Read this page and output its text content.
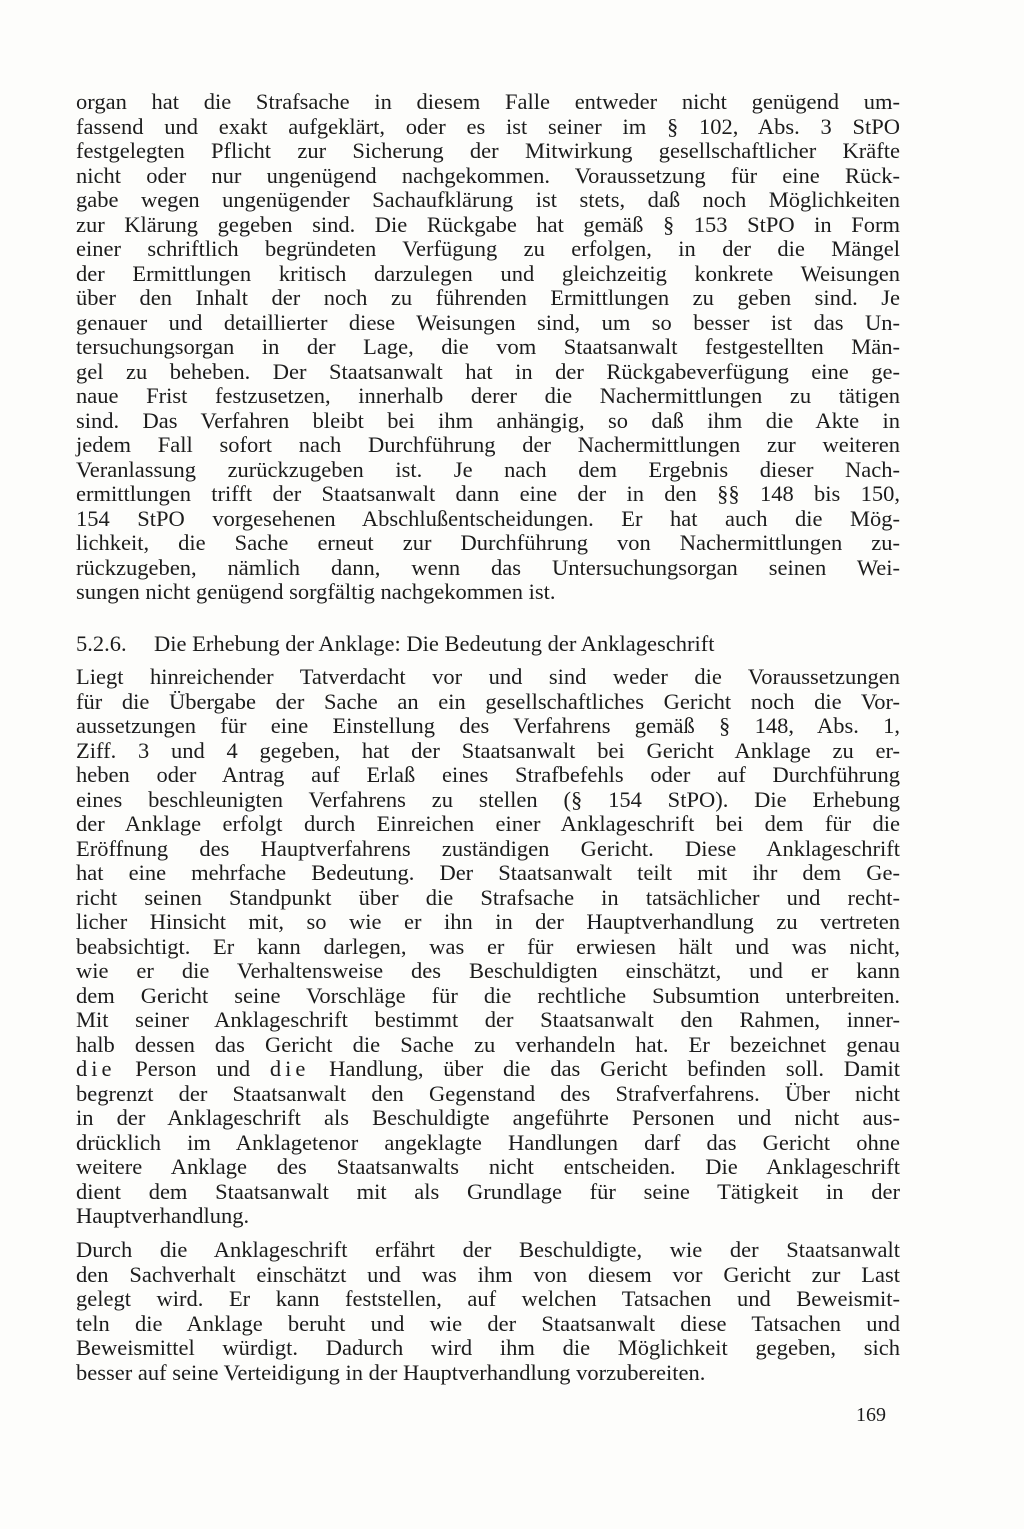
organ hat die Strafsache in diesem Falle entweder nicht genügend um-
fassend und exakt aufgeklärt, oder es ist seiner im § 102, Abs. 3 StPO
festgelegten Pflicht zur Sicherung der Mitwirkung gesellschaftlicher Kräfte
nicht oder nur ungenügend nachgekommen. Voraussetzung für eine Rück-
gabe wegen ungenügender Sachaufklärung ist stets, daß noch Möglichkeiten
zur Klärung gegeben sind. Die Rückgabe hat gemäß § 153 StPO in Form
einer schriftlich begründeten Verfügung zu erfolgen, in der die Mängel
der Ermittlungen kritisch darzulegen und gleichzeitig konkrete Weisungen
über den Inhalt der noch zu führenden Ermittlungen zu geben sind. Je
genauer und detaillierter diese Weisungen sind, um so besser ist das Un-
tersuchungsorgan in der Lage, die vom Staatsanwalt festgestellten Män-
gel zu beheben. Der Staatsanwalt hat in der Rückgabeverfügung eine ge-
naue Frist festzusetzen, innerhalb derer die Nachermittlungen zu tätigen
sind. Das Verfahren bleibt bei ihm anhängig, so daß ihm die Akte in
jedem Fall sofort nach Durchführung der Nachermittlungen zur weiteren
Veranlassung zurückzugeben ist. Je nach dem Ergebnis dieser Nach-
ermittlungen trifft der Staatsanwalt dann eine der in den §§ 148 bis 150,
154 StPO vorgesehenen Abschlußentscheidungen. Er hat auch die Mög-
lichkeit, die Sache erneut zur Durchführung von Nachermittlungen zu-
rückzugeben, nämlich dann, wenn das Untersuchungsorgan seinen Wei-
sungen nicht genügend sorgfältig nachgekommen ist.
5.2.6. Die Erhebung der Anklage: Die Bedeutung der Anklageschrift
Liegt hinreichender Tatverdacht vor und sind weder die Voraussetzungen
für die Übergabe der Sache an ein gesellschaftliches Gericht noch die Vor-
aussetzungen für eine Einstellung des Verfahrens gemäß § 148, Abs. 1,
Ziff. 3 und 4 gegeben, hat der Staatsanwalt bei Gericht Anklage zu er-
heben oder Antrag auf Erlaß eines Strafbefehls oder auf Durchführung
eines beschleunigten Verfahrens zu stellen (§ 154 StPO). Die Erhebung
der Anklage erfolgt durch Einreichen einer Anklageschrift bei dem für die
Eröffnung des Hauptverfahrens zuständigen Gericht. Diese Anklageschrift
hat eine mehrfache Bedeutung. Der Staatsanwalt teilt mit ihr dem Ge-
richt seinen Standpunkt über die Strafsache in tatsächlicher und recht-
licher Hinsicht mit, so wie er ihn in der Hauptverhandlung zu vertreten
beabsichtigt. Er kann darlegen, was er für erwiesen hält und was nicht,
wie er die Verhaltensweise des Beschuldigten einschätzt, und er kann
dem Gericht seine Vorschläge für die rechtliche Subsumtion unterbreiten.
Mit seiner Anklageschrift bestimmt der Staatsanwalt den Rahmen, inner-
halb dessen das Gericht die Sache zu verhandeln hat. Er bezeichnet genau
die Person und die Handlung, über die das Gericht befinden soll. Damit
begrenzt der Staatsanwalt den Gegenstand des Strafverfahrens. Über nicht
in der Anklageschrift als Beschuldigte angeführte Personen und nicht aus-
drücklich im Anklagetenor angeklagte Handlungen darf das Gericht ohne
weitere Anklage des Staatsanwalts nicht entscheiden. Die Anklageschrift
dient dem Staatsanwalt mit als Grundlage für seine Tätigkeit in der
Hauptverhandlung.
Durch die Anklageschrift erfährt der Beschuldigte, wie der Staatsanwalt
den Sachverhalt einschätzt und was ihm von diesem vor Gericht zur Last
gelegt wird. Er kann feststellen, auf welchen Tatsachen und Beweismit-
teln die Anklage beruht und wie der Staatsanwalt diese Tatsachen und
Beweismittel würdigt. Dadurch wird ihm die Möglichkeit gegeben, sich
besser auf seine Verteidigung in der Hauptverhandlung vorzubereiten.
169
